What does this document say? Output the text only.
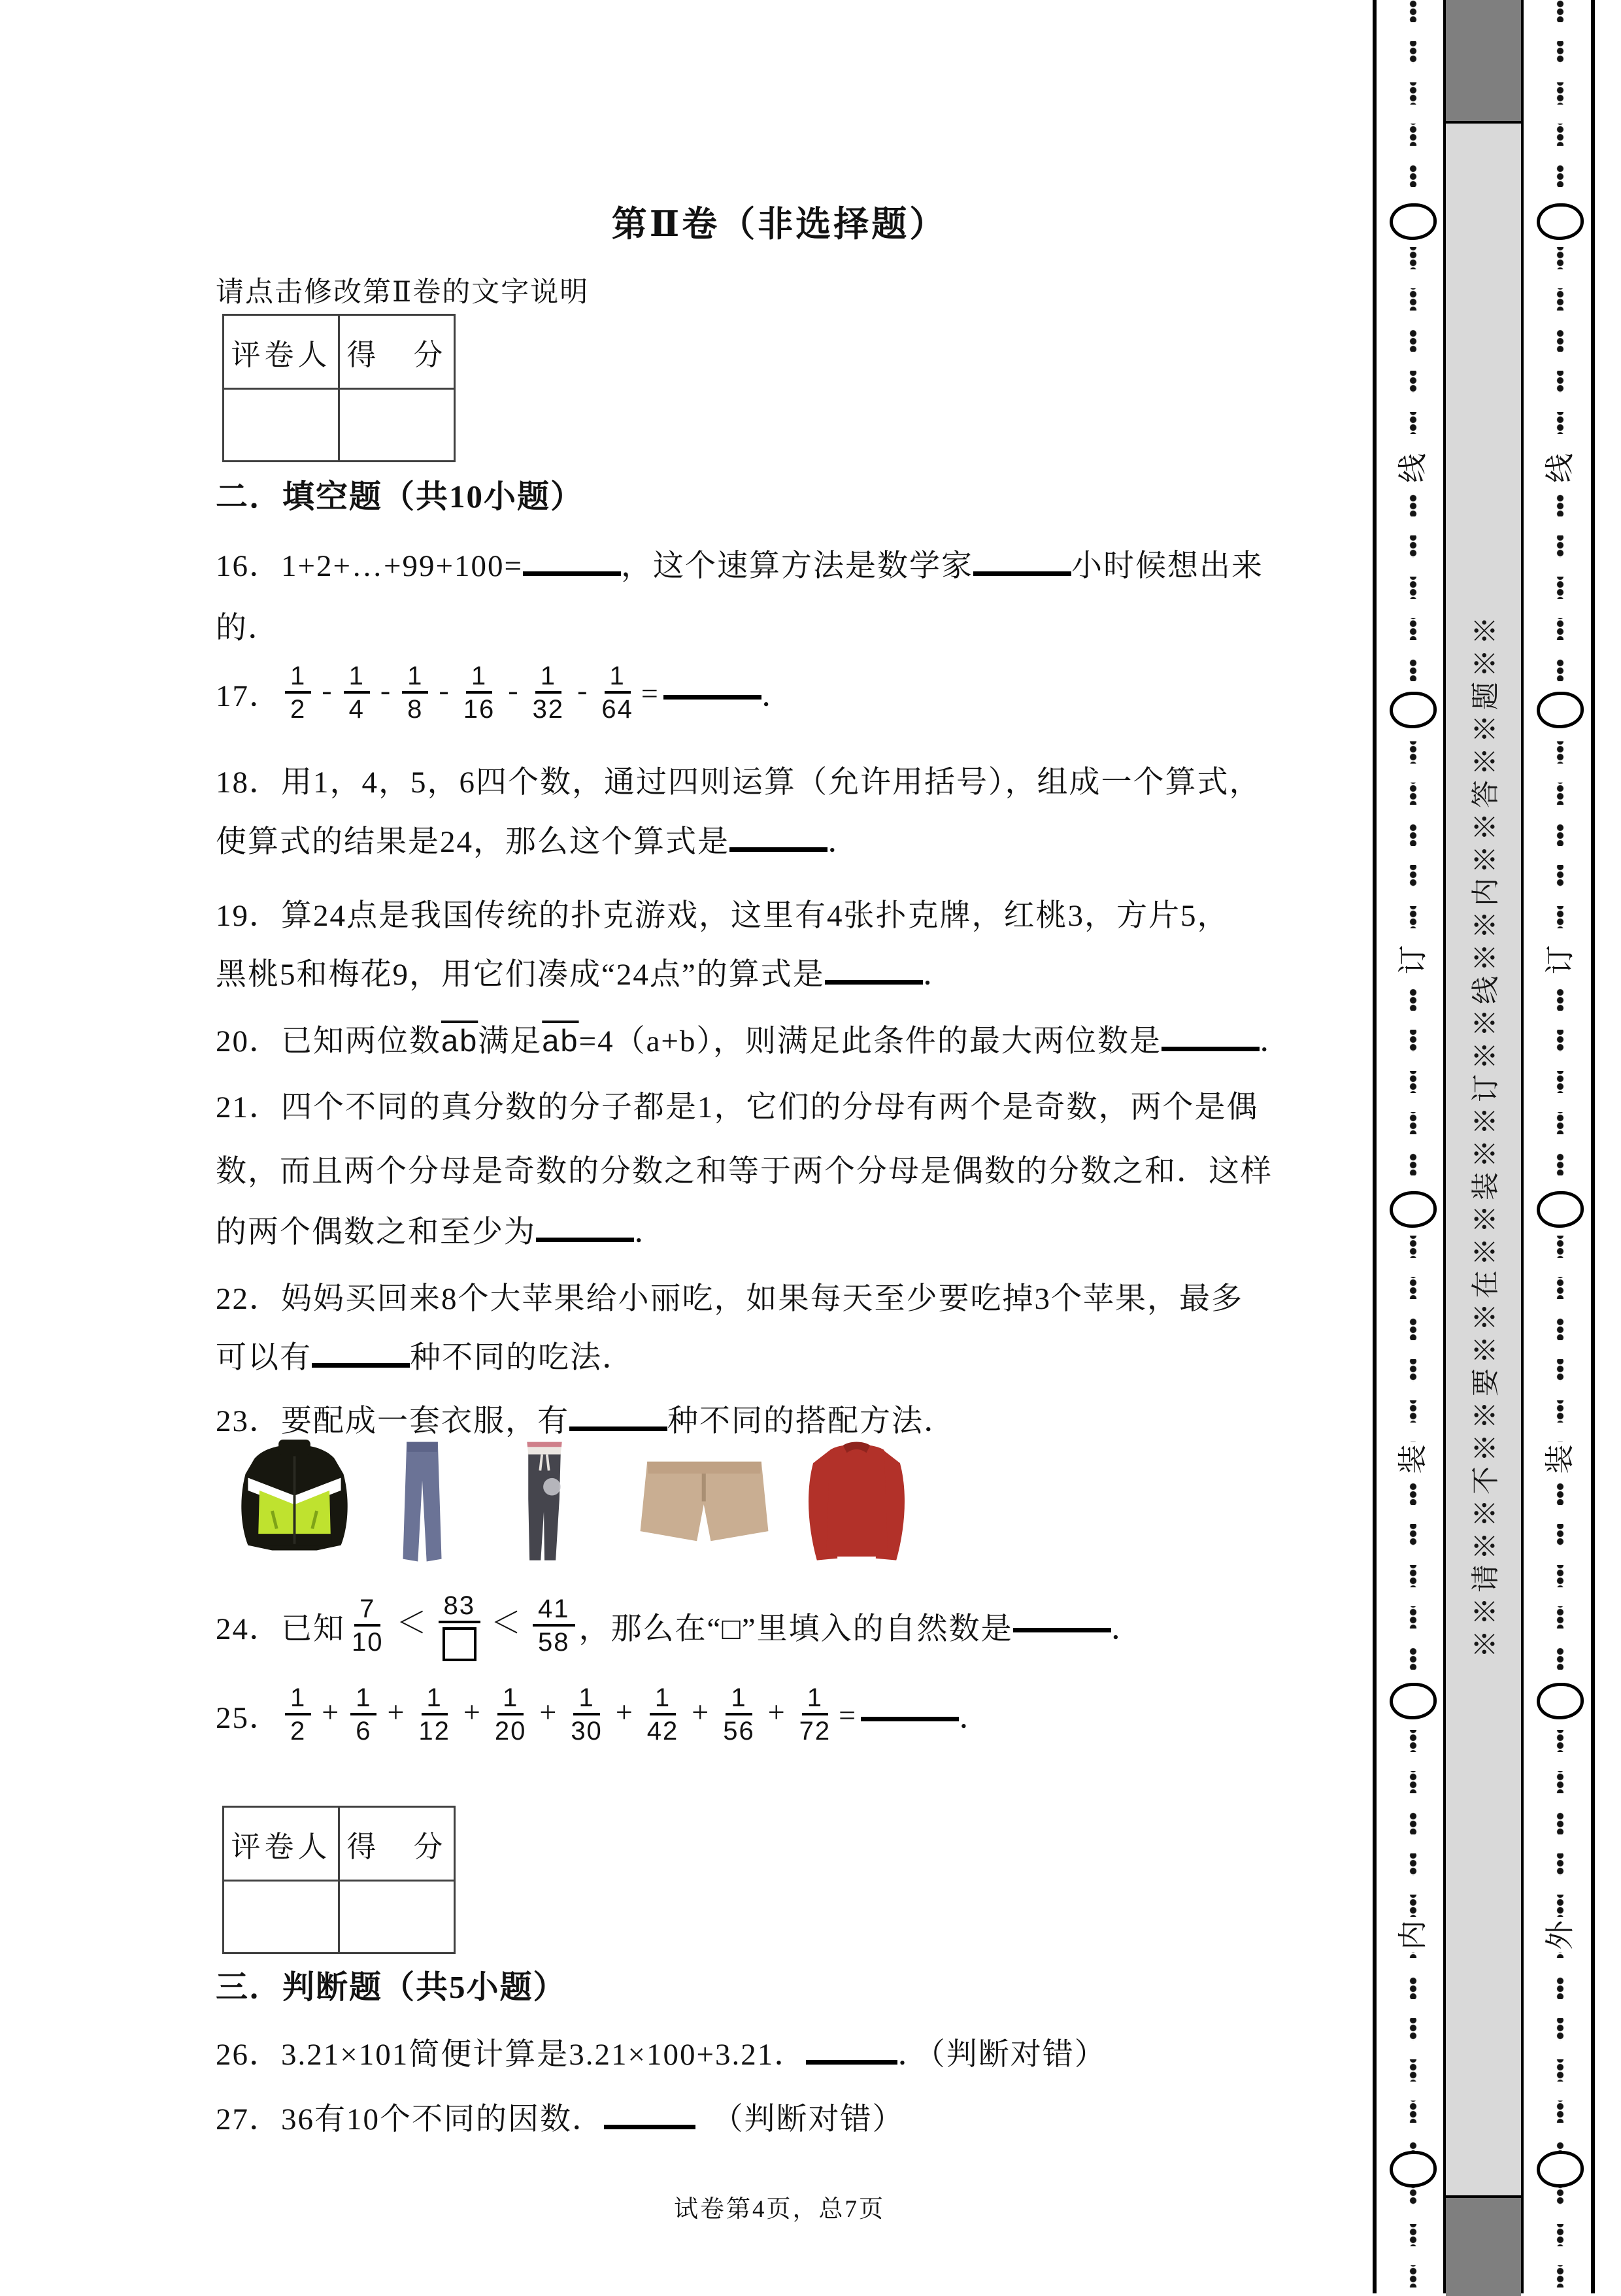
第Ⅱ卷（非选择题）
请点击修改第Ⅱ卷的文字说明
评卷人	得　分

二．填空题（共10小题）
16．1+2+…+99+100=	，这个速算方法是数学家	小时候想出来
的．
17． $\frac{1}{2} - \frac{1}{4} - \frac{1}{8} - \frac{1}{16} - \frac{1}{32} - \frac{1}{64}$ =	．
18．用1，4，5，6四个数，通过四则运算（允许用括号），组成一个算式，
使算式的结果是24，那么这个算式是	．
19．算24点是我国传统的扑克游戏，这里有4张扑克牌，红桃3，方片5，
黑桃5和梅花9，用它们凑成“24点”的算式是	．
20．已知两位数$\overline{ab}$满足$\overline{ab}=4(a+b)$，则满足此条件的最大两位数是	．
21．四个不同的真分数的分子都是1，它们的分母有两个是奇数，两个是偶
数，而且两个分母是奇数的分数之和等于两个分母是偶数的分数之和．这样
的两个偶数之和至少为	．
22．妈妈买回来8个大苹果给小丽吃，如果每天至少要吃掉3个苹果，最多
可以有	种不同的吃法．
23．要配成一套衣服，有	种不同的搭配方法．
24． 已知 $\frac{7}{10}$ ＜
83
＜ $\frac{41}{58}$ ，那么在“□”里填入的自然数是	．
25． $\frac{1}{2} + \frac{1}{6} + \frac{1}{12} + \frac{1}{20} + \frac{1}{30} + \frac{1}{42} + \frac{1}{56} + \frac{1}{72}$ =	．
评卷人	得　分

三．判断题（共5小题）
26．3.21×101简便计算是3.21×100+3.21．	．（判断对错）
27．36有10个不同的因数．　	（判断对错）
试卷第4页，总7页
线
订
装
内
线
订
装
外
※※请※※不※※要※※在※※装※※订※※线※※内※※答※※题※※
